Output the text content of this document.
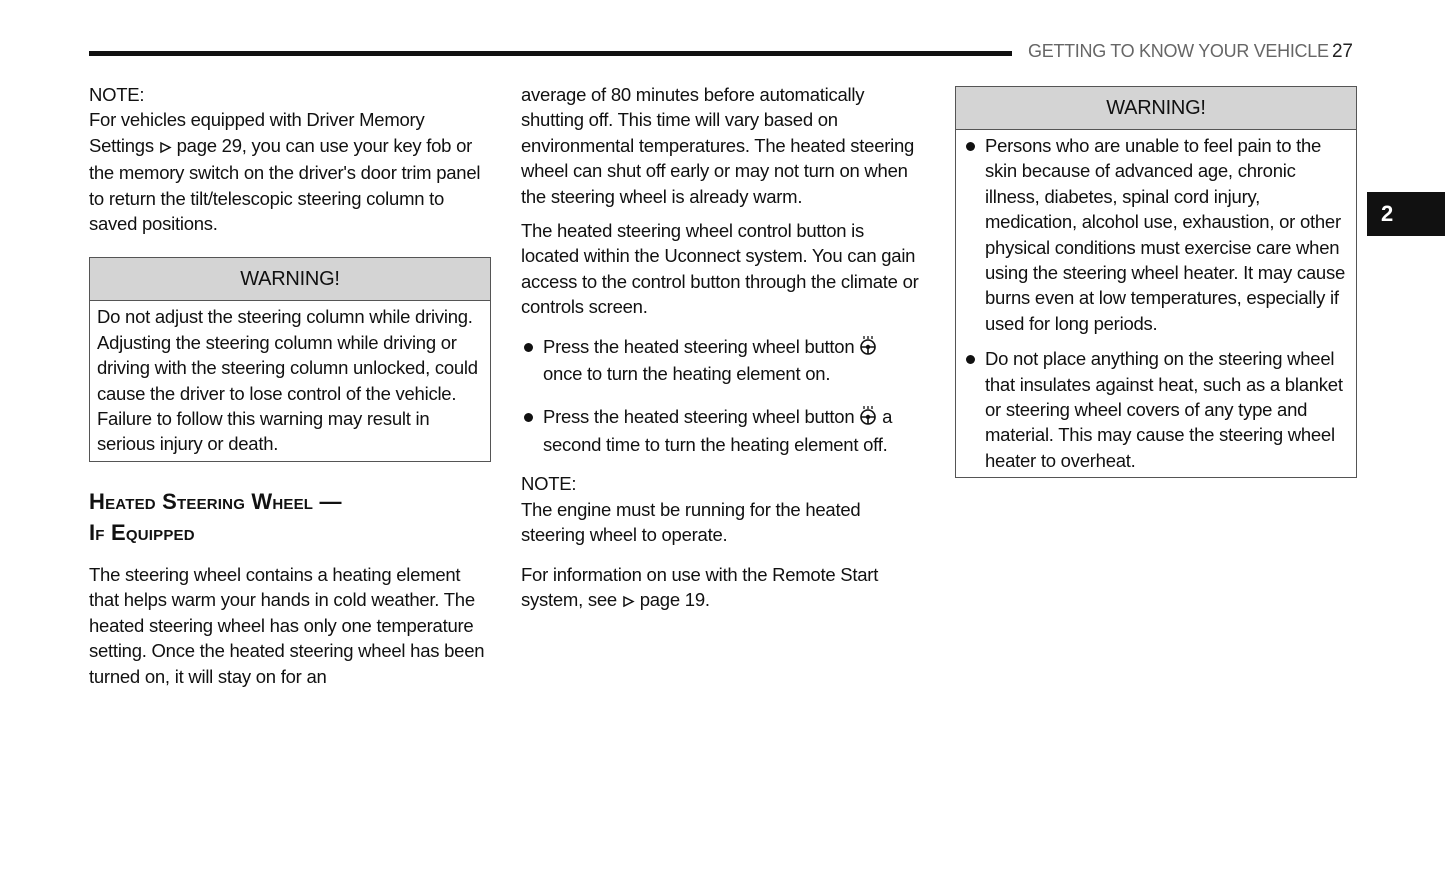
GETTING TO KNOW YOUR VEHICLE 27
2

NOTE:
For vehicles equipped with Driver Memory Settings page 29, you can use your key fob or the memory switch on the driver's door trim panel to return the tilt/telescopic steering column to saved positions.

WARNING!
Do not adjust the steering column while driving. Adjusting the steering column while driving or driving with the steering column unlocked, could cause the driver to lose control of the vehicle. Failure to follow this warning may result in serious injury or death.
Heated Steering Wheel —
If Equipped

The steering wheel contains a heating element that helps warm your hands in cold weather. The heated steering wheel has only one temperature setting. Once the heated steering wheel has been turned on, it will stay on for an

average of 80 minutes before automatically shutting off. This time will vary based on environmental temperatures. The heated steering wheel can shut off early or may not turn on when the steering wheel is already warm.

The heated steering wheel control button is located within the Uconnect system. You can gain access to the control button through the climate or controls screen.

Press the heated steering wheel button
once to turn the heating element on.
Press the heated steering wheel button a second time to turn the heating element off.

NOTE:
The engine must be running for the heated steering wheel to operate.

For information on use with the Remote Start system, see page 19.

WARNING!
Persons who are unable to feel pain to the skin because of advanced age, chronic illness, diabetes, spinal cord injury, medication, alcohol use, exhaustion, or other physical conditions must exercise care when using the steering wheel heater. It may cause burns even at low temperatures, especially if used for long periods.
Do not place anything on the steering wheel that insulates against heat, such as a blanket or steering wheel covers of any type and material. This may cause the steering wheel heater to overheat.
